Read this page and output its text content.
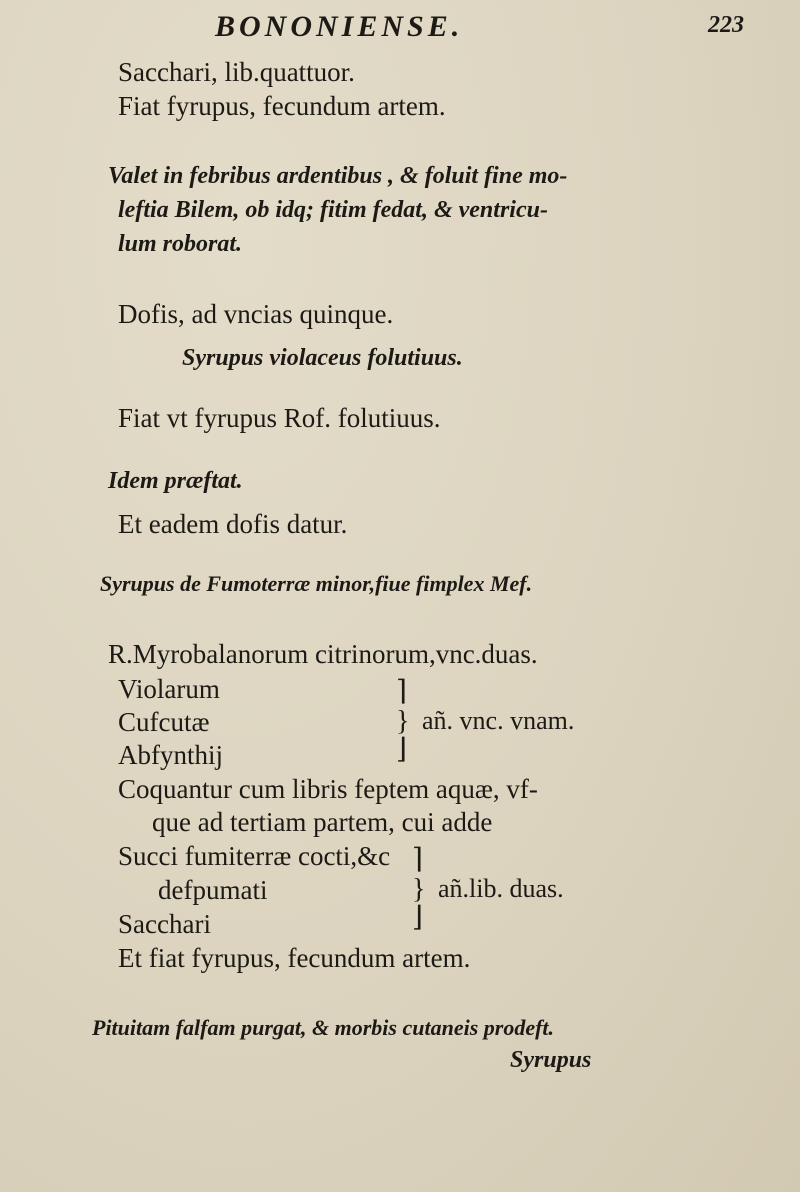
BONONIENSE.	223
Sacchari, lib.quattuor.
Fiat fyrupus, fecundum artem.
Valet in febribus ardentibus , & foluit fine mo-
leftia Bilem, ob idq; fitim fedat, & ventricu-
lum roborat.
Dofis, ad vncias quinque.
Syrupus violaceus folutiuus.
Fiat vt fyrupus Rof. folutiuus.
Idem præftat.
Et eadem dofis datur.
Syrupus de Fumoterræ minor,fiue fimplex Mef.
R.Myrobalanorum citrinorum,vnc.duas.
Violarum
Cufcutæ
Abfynthij
⌉
}
⌋
añ. vnc. vnam.
Coquantur cum libris feptem aquæ, vf-
que ad tertiam partem, cui adde
Succi fumiterræ cocti,&c
defpumati
Sacchari
⌉
}
⌋
añ.lib. duas.
Et fiat fyrupus, fecundum artem.
Pituitam falfam purgat, & morbis cutaneis prodeft.
Syrupus
